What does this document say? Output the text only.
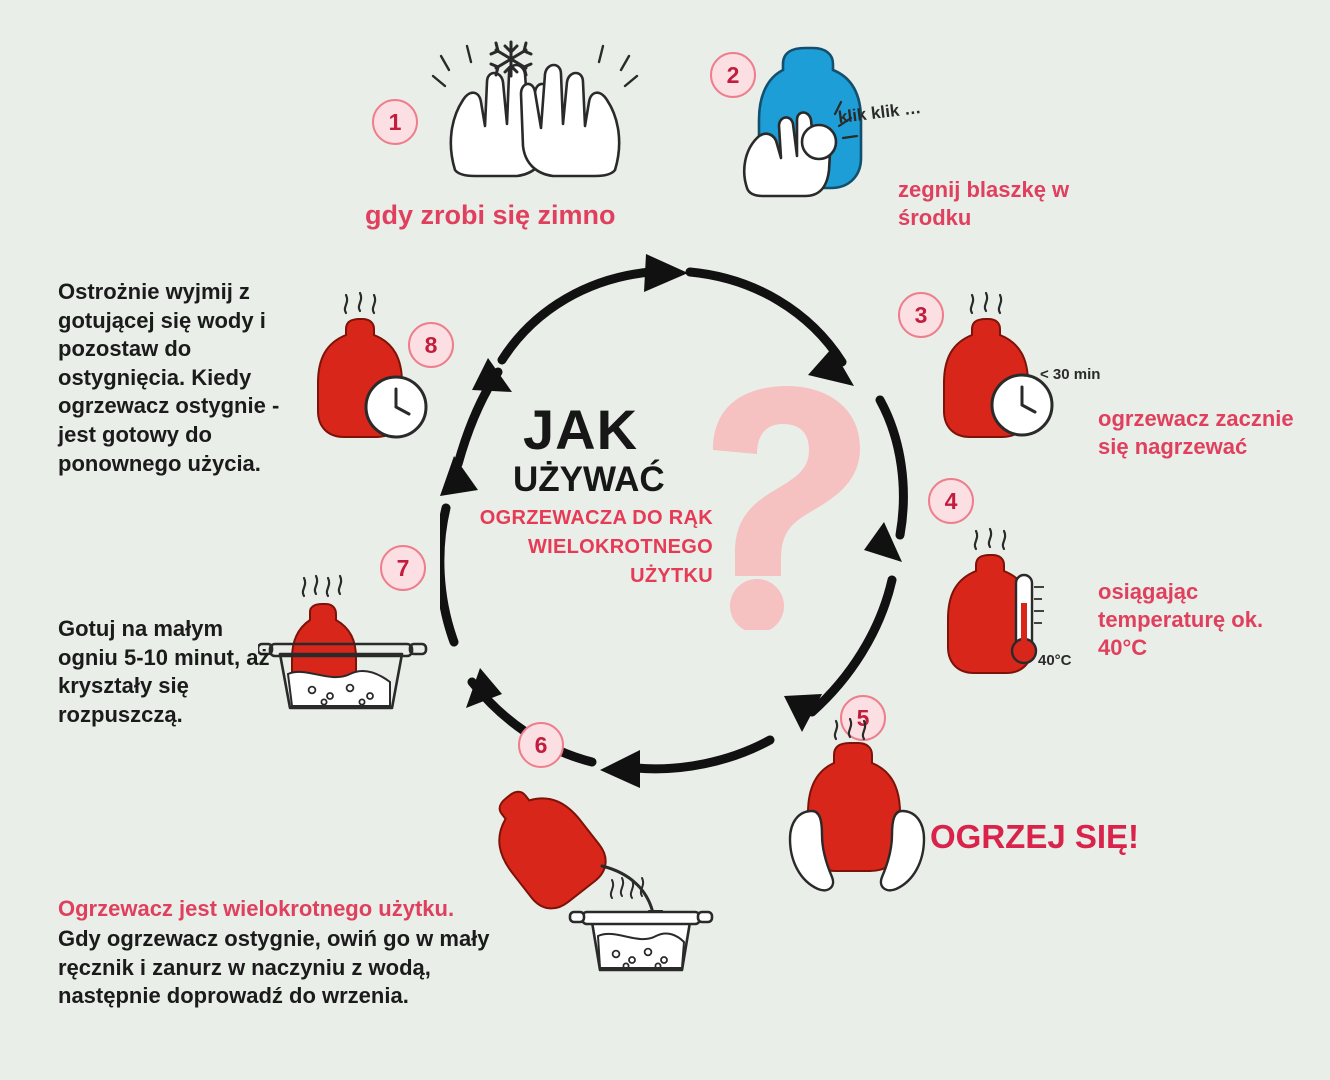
JAK
UŻYWAĆ
OGRZEWACZA DO RĄK WIELOKROTNEGO UŻYTKU
1
gdy zrobi się zimno
2
klik klik …
zegnij blaszkę w środku
3
< 30 min
ogrzewacz zacznie się nagrzewać
4
40°C
osiągając temperaturę ok. 40°C
5
OGRZEJ SIĘ!
6
Ogrzewacz jest wielokrotnego użytku.
Gdy ogrzewacz ostygnie, owiń go w mały ręcznik i zanurz w naczyniu z wodą, następnie doprowadź do wrzenia.
7
Gotuj na małym ogniu 5-10 minut, aż kryształy się rozpuszczą.
8
Ostrożnie wyjmij z gotującej się wody i pozostaw do ostygnięcia. Kiedy ogrzewacz ostygnie - jest gotowy do ponownego użycia.
